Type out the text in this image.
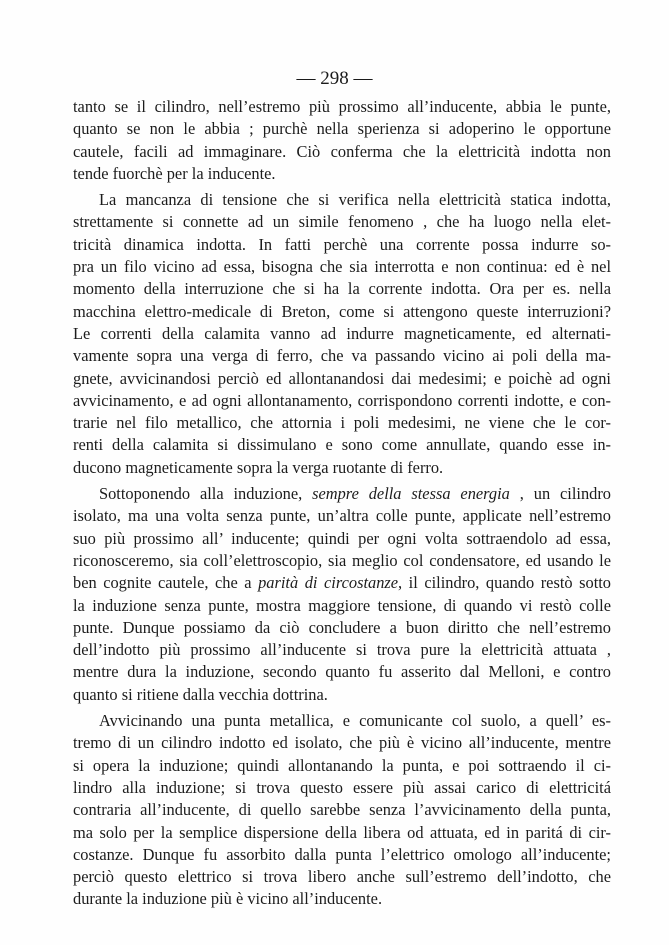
— 298 —
tanto se il cilindro, nell’estremo più prossimo all’inducente, abbia le punte,
quanto se non le abbia ; purchè nella sperienza si adoperino le opportune
cautele, facili ad immaginare. Ciò conferma che la elettricità indotta non
tende fuorchè per la inducente.
La mancanza di tensione che si verifica nella elettricità statica indotta,
strettamente si connette ad un simile fenomeno , che ha luogo nella elet-
tricità dinamica indotta. In fatti perchè una corrente possa indurre so-
pra un filo vicino ad essa, bisogna che sia interrotta e non continua: ed è nel
momento della interruzione che si ha la corrente indotta. Ora per es. nella
macchina elettro-medicale di Breton, come si attengono queste interruzioni?
Le correnti della calamita vanno ad indurre magneticamente, ed alternati-
vamente sopra una verga di ferro, che va passando vicino ai poli della ma-
gnete, avvicinandosi perciò ed allontanandosi dai medesimi; e poichè ad ogni
avvicinamento, e ad ogni allontanamento, corrispondono correnti indotte, e con-
trarie nel filo metallico, che attornia i poli medesimi, ne viene che le cor-
renti della calamita si dissimulano e sono come annullate, quando esse in-
ducono magneticamente sopra la verga ruotante di ferro.
Sottoponendo alla induzione, sempre della stessa energia , un cilindro
isolato, ma una volta senza punte, un’altra colle punte, applicate nell’estremo
suo più prossimo all’ inducente; quindi per ogni volta sottraendolo ad essa,
riconosceremo, sia coll’elettroscopio, sia meglio col condensatore, ed usando le
ben cognite cautele, che a parità di circostanze, il cilindro, quando restò sotto
la induzione senza punte, mostra maggiore tensione, di quando vi restò colle
punte. Dunque possiamo da ciò concludere a buon diritto che nell’estremo
dell’indotto più prossimo all’inducente si trova pure la elettricità attuata ,
mentre dura la induzione, secondo quanto fu asserito dal Melloni, e contro
quanto si ritiene dalla vecchia dottrina.
Avvicinando una punta metallica, e comunicante col suolo, a quell’ es-
tremo di un cilindro indotto ed isolato, che più è vicino all’inducente, mentre
si opera la induzione; quindi allontanando la punta, e poi sottraendo il ci-
lindro alla induzione; si trova questo essere più assai carico di elettricitá
contraria all’inducente, di quello sarebbe senza l’avvicinamento della punta,
ma solo per la semplice dispersione della libera od attuata, ed in paritá di cir-
costanze. Dunque fu assorbito dalla punta l’elettrico omologo all’inducente;
perciò questo elettrico si trova libero anche sull’estremo dell’indotto, che
durante la induzione più è vicino all’inducente.
